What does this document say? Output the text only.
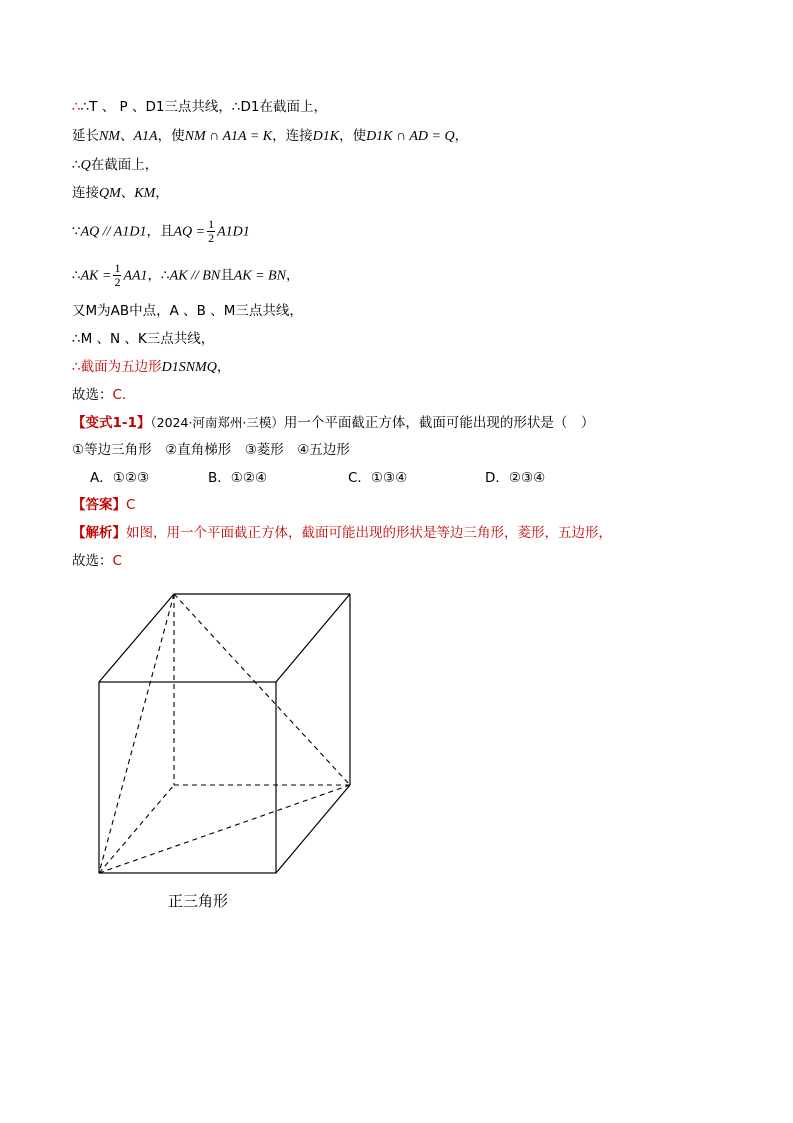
∴∴T 、 P 、D1三点共线，∴D1在截面上，
延长NM、A1A，使NM ∩ A1A = K，连接D1K，使D1K ∩ AD = Q，
∴Q在截面上，
连接QM、KM，
∵AQ // A1D1，且AQ = $\frac{1}{2} A1D1$
∴AK = $\frac{1}{2} AA1$，∴AK // BN且AK = BN，
又M为AB中点，A 、B 、M三点共线，
∴M 、N 、K三点共线，
∴截面为五边形D1SNMQ，
故选：C．
【变式1-1】（2024·河南郑州·三模）用一个平面截正方体，截面可能出现的形状是（　）
①等边三角形　②直角梯形　③菱形　④五边形
A．①②③	B．①②④	C．①③④	D．②③④
【答案】C
【解析】如图，用一个平面截正方体，截面可能出现的形状是等边三角形，菱形，五边形，
故选：C
正三角形
